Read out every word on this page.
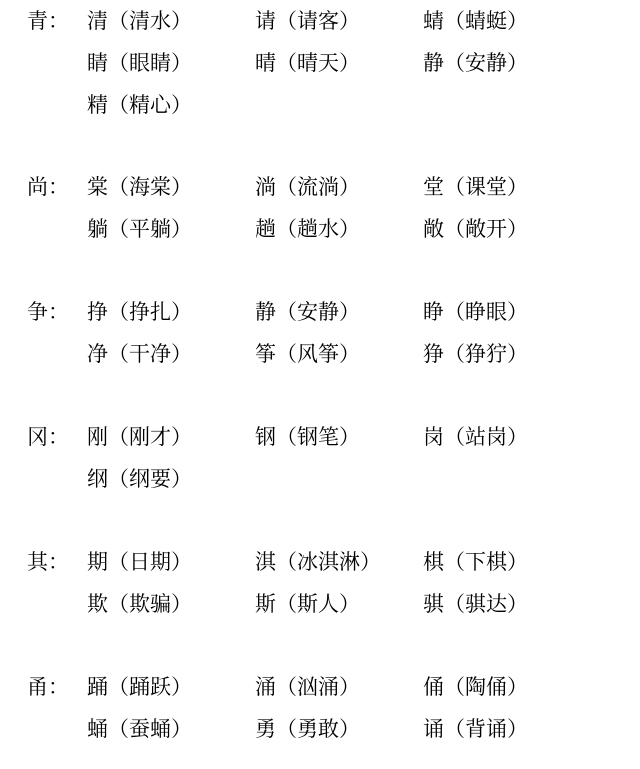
青： 清（清水）	请（请客）	蜻（蜻蜓）
睛（眼睛）	晴（晴天）	静（安静）
精（精心）
尚： 棠（海棠）	淌（流淌）	堂（课堂）
躺（平躺）	趟（趟水）	敞（敞开）
争： 挣（挣扎）	静（安静）	睁（睁眼）
净（干净）	筝（风筝）	狰（狰狞）
冈： 刚（刚才）	钢（钢笔）	岗（站岗）
纲（纲要）
其： 期（日期）	淇（冰淇淋） 棋（下棋）
欺（欺骗）	斯（斯人）	骐（骐达）
甬： 踊（踊跃）	涌（汹涌）	俑（陶俑）
蛹（蚕蛹）	勇（勇敢）	诵（背诵）
